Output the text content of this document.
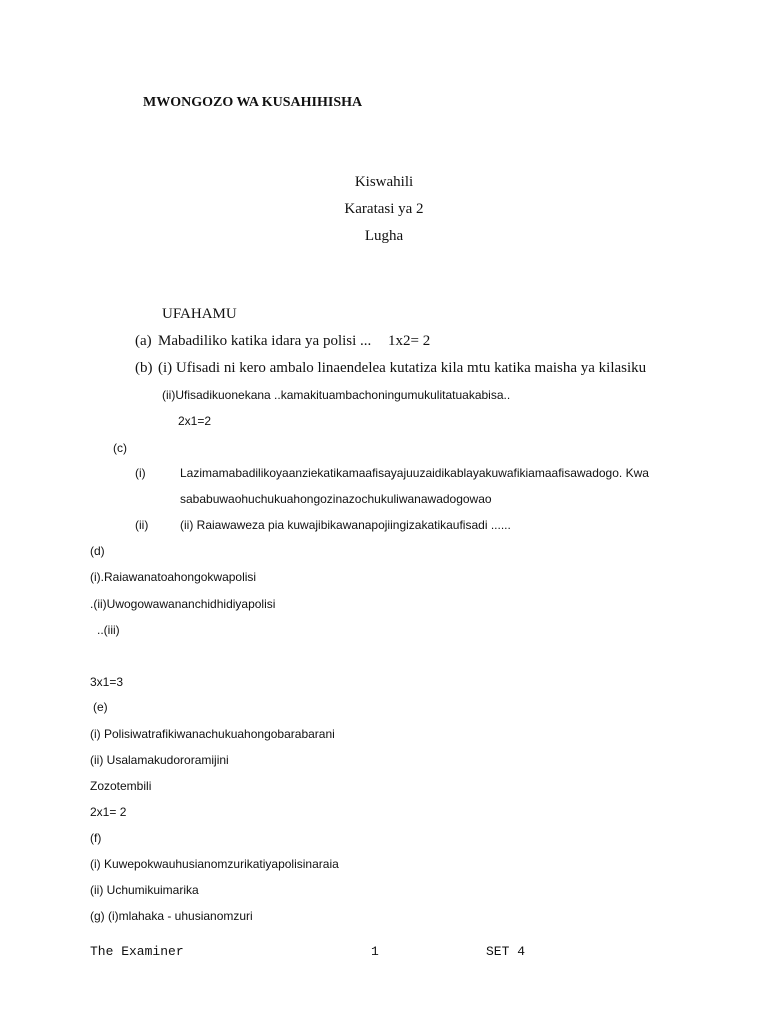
MWONGOZO WA KUSAHIHISHA
Kiswahili
Karatasi ya 2
Lugha
UFAHAMU
(a) Mabadiliko katika idara ya polisi ... 1x2= 2
(b) (i) Ufisadi ni kero ambalo linaendelea kutatiza kila mtu katika maisha ya kilasiku
(ii)Ufisadikuonekana ..kamakituambachoningumukulitatuakabisa..
2x1=2
(c)
(i)	Lazimamabadilikoyaanziekatikamaafisayajuuzaidikablayakuwafikiamaafisawadogo. Kwa
sababuwaohuchukuahongozinazochukuliwanawadogowao
(ii)	(ii) Raiawaweza pia kuwajibikawanapojiingizakatikaufisadi ......
(d)
(i).Raiawanatoahongokwapolisi
.(ii)Uwogowawananchidhidiyapolisi
..(iii)
3x1=3
(e)
(i) Polisiwatrafikiwanachukuahongobarabarani
(ii) Usalamakudororamijini
Zozotembili
2x1= 2
(f)
(i) Kuwepokwauhusianomzurikatiyapolisinaraia
(ii) Uchumikuimarika
(g) (i)mlahaka - uhusianomzuri
The Examiner	1	SET 4
